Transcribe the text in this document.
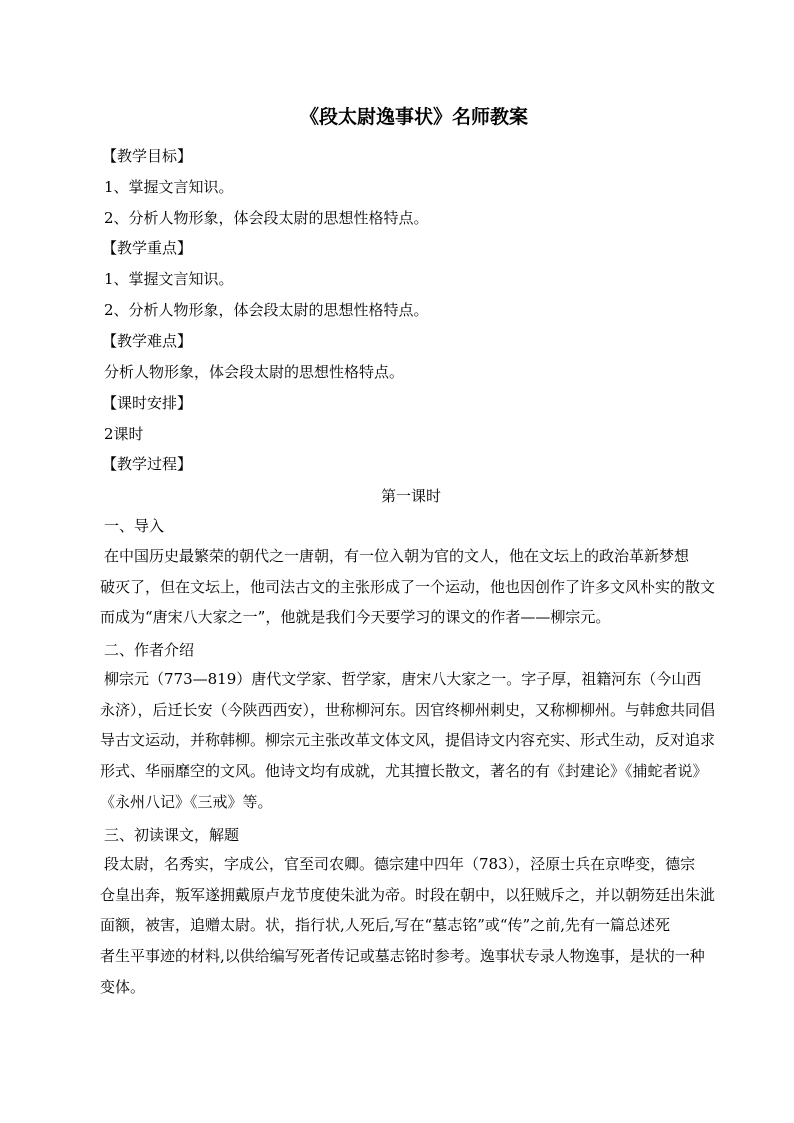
《段太尉逸事状》名师教案
【教学目标】
1、掌握文言知识。
2、分析人物形象，体会段太尉的思想性格特点。
【教学重点】
1、掌握文言知识。
2、分析人物形象，体会段太尉的思想性格特点。
【教学难点】
分析人物形象，体会段太尉的思想性格特点。
【课时安排】
2课时
【教学过程】
第一课时
一、导入
在中国历史最繁荣的朝代之一唐朝，有一位入朝为官的文人，他在文坛上的政治革新梦想
破灭了，但在文坛上，他司法古文的主张形成了一个运动，他也因创作了许多文风朴实的散文
而成为“唐宋八大家之一”，他就是我们今天要学习的课文的作者——柳宗元。
二、作者介绍
柳宗元（773—819）唐代文学家、哲学家，唐宋八大家之一。字子厚，祖籍河东（今山西
永济），后迁长安（今陕西西安），世称柳河东。因官终柳州刺史，又称柳柳州。与韩愈共同倡
导古文运动，并称韩柳。柳宗元主张改革文体文风，提倡诗文内容充实、形式生动，反对追求
形式、华丽靡空的文风。他诗文均有成就，尤其擅长散文，著名的有《封建论》《捕蛇者说》
《永州八记》《三戒》等。
三、初读课文，解题
段太尉，名秀实，字成公，官至司农卿。德宗建中四年（783），泾原士兵在京哗变，德宗
仓皇出奔，叛军遂拥戴原卢龙节度使朱泚为帝。时段在朝中，以狂贼斥之，并以朝笏廷出朱泚
面额，被害，追赠太尉。状，指行状,人死后,写在“墓志铭”或“传”之前,先有一篇总述死
者生平事迹的材料,以供给编写死者传记或墓志铭时参考。逸事状专录人物逸事，是状的一种
变体。
